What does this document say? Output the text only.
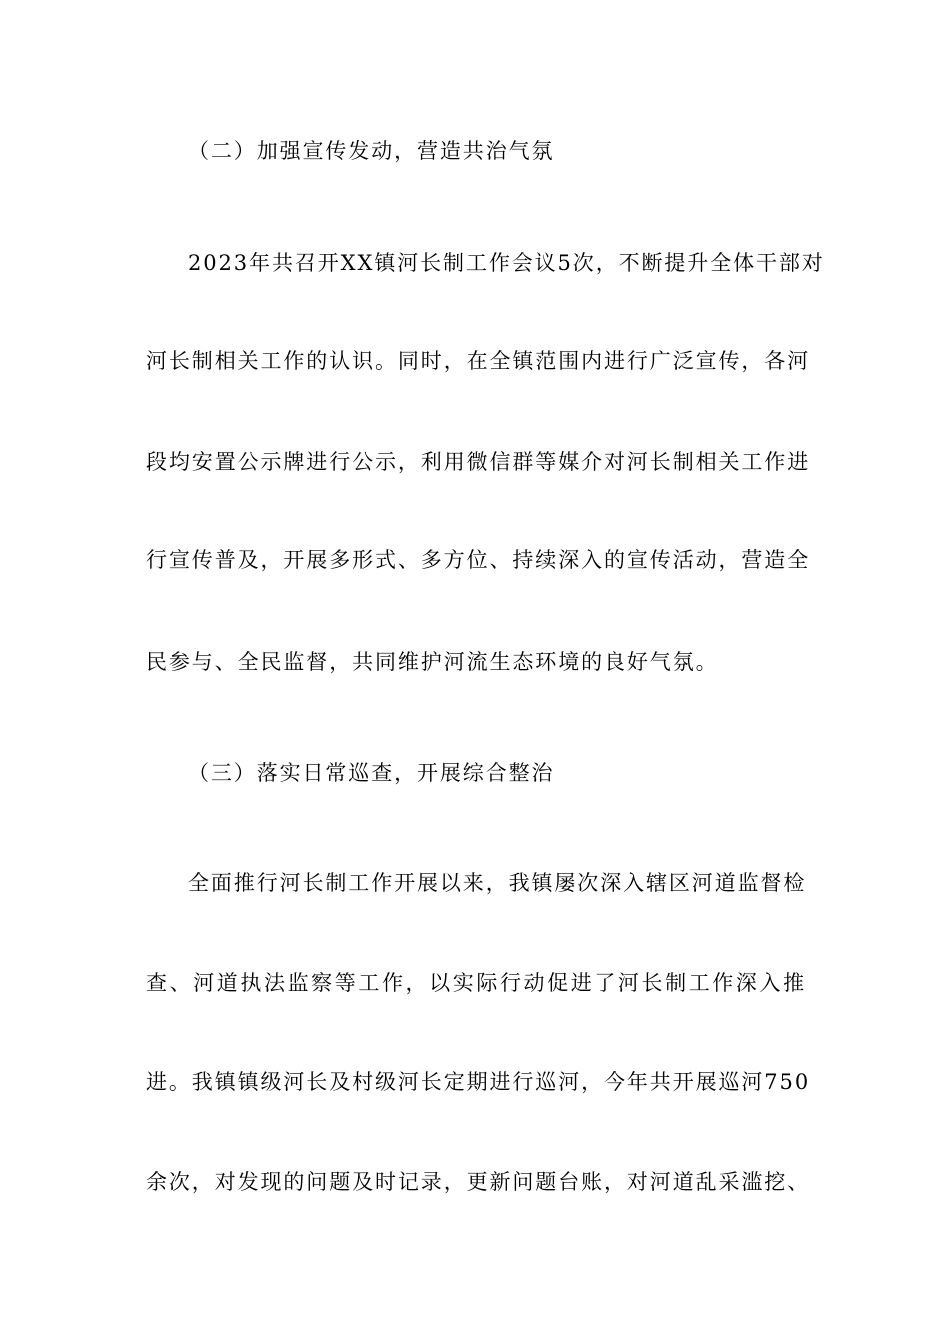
（二）加强宣传发动，营造共治气氛
2023年共召开XX镇河长制工作会议5次，不断提升全体干部对
河长制相关工作的认识。同时，在全镇范围内进行广泛宣传，各河
段均安置公示牌进行公示，利用微信群等媒介对河长制相关工作进
行宣传普及，开展多形式、多方位、持续深入的宣传活动，营造全
民参与、全民监督，共同维护河流生态环境的良好气氛。
（三）落实日常巡查，开展综合整治
全面推行河长制工作开展以来，我镇屡次深入辖区河道监督检
查、河道执法监察等工作，以实际行动促进了河长制工作深入推
进。我镇镇级河长及村级河长定期进行巡河，今年共开展巡河750
余次，对发现的问题及时记录，更新问题台账，对河道乱采滥挖、
